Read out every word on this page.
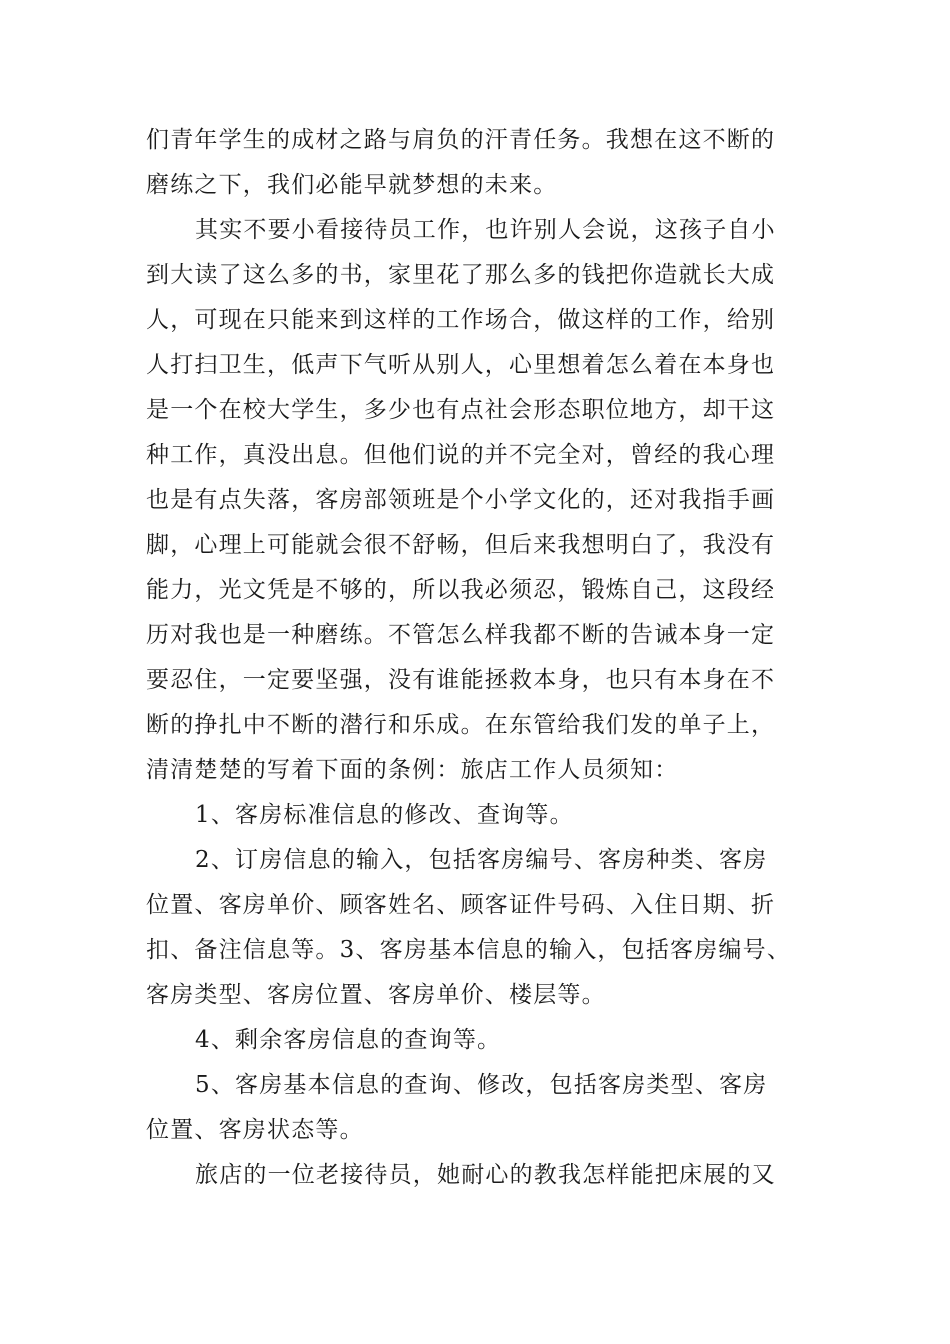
们青年学生的成材之路与肩负的汗青任务。我想在这不断的
磨练之下，我们必能早就梦想的未来。
其实不要小看接待员工作，也许别人会说，这孩子自小
到大读了这么多的书，家里花了那么多的钱把你造就长大成
人，可现在只能来到这样的工作场合，做这样的工作，给别
人打扫卫生，低声下气听从别人，心里想着怎么着在本身也
是一个在校大学生，多少也有点社会形态职位地方，却干这
种工作，真没出息。但他们说的并不完全对，曾经的我心理
也是有点失落，客房部领班是个小学文化的，还对我指手画
脚，心理上可能就会很不舒畅，但后来我想明白了，我没有
能力，光文凭是不够的，所以我必须忍，锻炼自己，这段经
历对我也是一种磨练。不管怎么样我都不断的告诫本身一定
要忍住，一定要坚强，没有谁能拯救本身，也只有本身在不
断的挣扎中不断的潜行和乐成。在东管给我们发的单子上，
清清楚楚的写着下面的条例：旅店工作人员须知：
1、客房标准信息的修改、查询等。
2、订房信息的输入，包括客房编号、客房种类、客房
位置、客房单价、顾客姓名、顾客证件号码、入住日期、折
扣、备注信息等。3、客房基本信息的输入，包括客房编号、
客房类型、客房位置、客房单价、楼层等。
4、剩余客房信息的查询等。
5、客房基本信息的查询、修改，包括客房类型、客房
位置、客房状态等。
旅店的一位老接待员，她耐心的教我怎样能把床展的又
